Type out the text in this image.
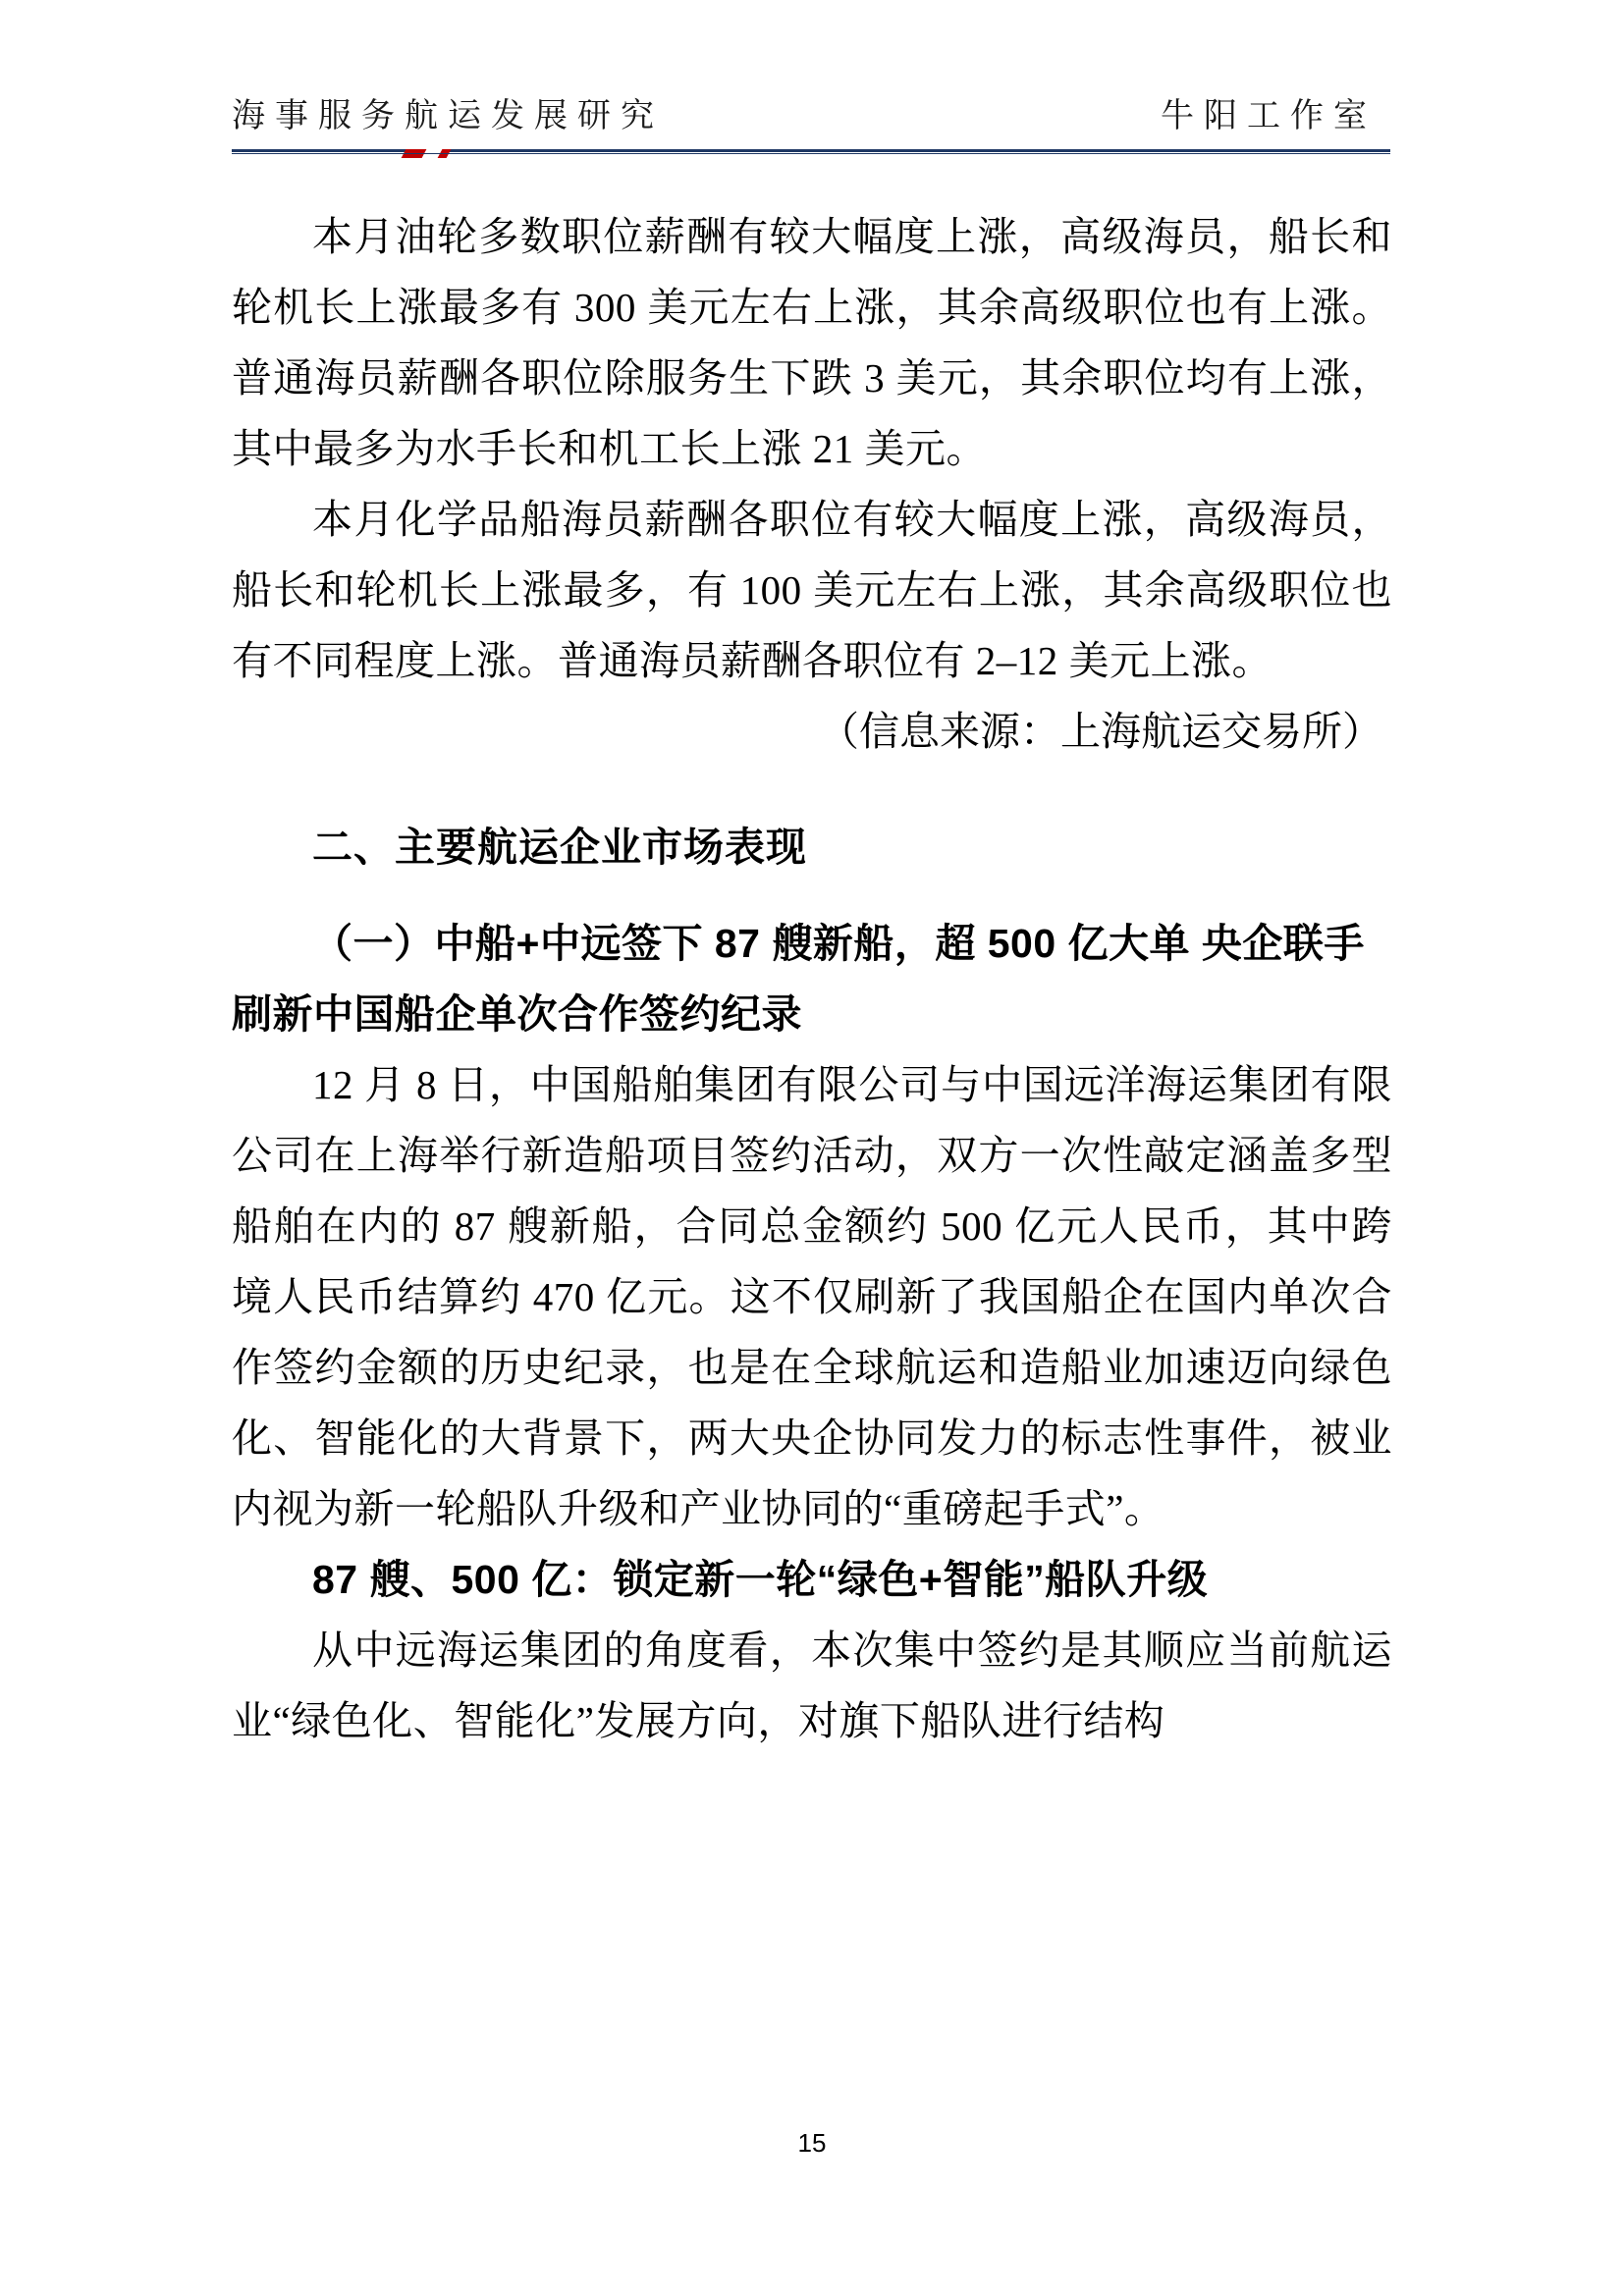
海事服务航运发展研究	牛阳工作室

本月油轮多数职位薪酬有较大幅度上涨，高级海员，船长和轮机长上涨最多有 300 美元左右上涨，其余高级职位也有上涨。普通海员薪酬各职位除服务生下跌 3 美元，其余职位均有上涨，其中最多为水手长和机工长上涨 21 美元。

本月化学品船海员薪酬各职位有较大幅度上涨，高级海员，船长和轮机长上涨最多，有 100 美元左右上涨，其余高级职位也有不同程度上涨。普通海员薪酬各职位有 2–12 美元上涨。

（信息来源：上海航运交易所）

二、主要航运企业市场表现
（一）中船+中远签下 87 艘新船，超 500 亿大单 央企联手刷新中国船企单次合作签约纪录

12 月 8 日，中国船舶集团有限公司与中国远洋海运集团有限公司在上海举行新造船项目签约活动，双方一次性敲定涵盖多型船舶在内的 87 艘新船，合同总金额约 500 亿元人民币，其中跨境人民币结算约 470 亿元。这不仅刷新了我国船企在国内单次合作签约金额的历史纪录，也是在全球航运和造船业加速迈向绿色化、智能化的大背景下，两大央企协同发力的标志性事件，被业内视为新一轮船队升级和产业协同的“重磅起手式”。

87 艘、500 亿：锁定新一轮“绿色+智能”船队升级

从中远海运集团的角度看，本次集中签约是其顺应当前航运业“绿色化、智能化”发展方向，对旗下船队进行结构

15
